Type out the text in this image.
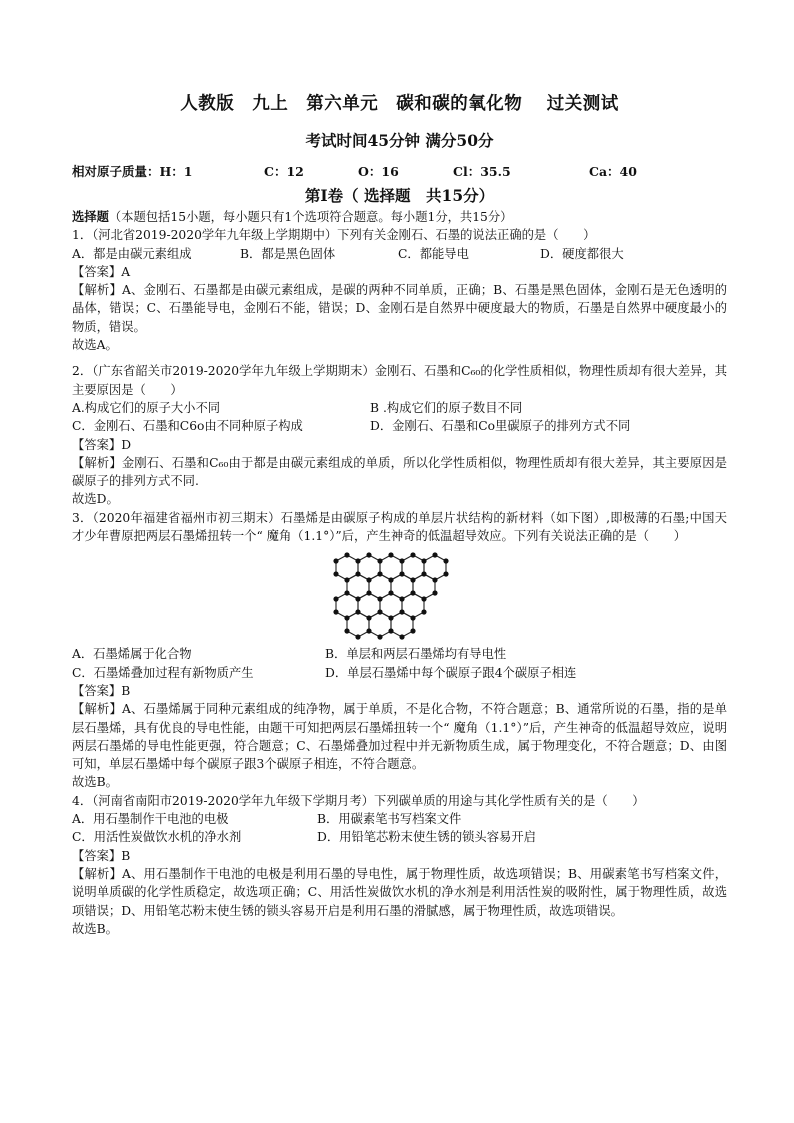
人教版　九上　第六单元　碳和碳的氧化物　 过关测试
考试时间45分钟 满分50分
相对原子质量：H：1	C：12	O：16	Cl：35.5	Ca：40
第Ⅰ卷（ 选择题　共15分）
选择题（本题包括15小题，每小题只有1个选项符合题意。每小题1分，共15分）
1．（河北省2019-2020学年九年级上学期期中）下列有关金刚石、石墨的说法正确的是（　　）
A．都是由碳元素组成	B．都是黑色固体	C．都能导电	D．硬度都很大
【答案】A
【解析】A、金刚石、石墨都是由碳元素组成，是碳的两种不同单质，正确；B、石墨是黑色固体，金刚石是无色透明的晶体，错误；C、石墨能导电，金刚石不能，错误；D、金刚石是自然界中硬度最大的物质，石墨是自然界中硬度最小的物质，错误。
故选A。
2．（广东省韶关市2019-2020学年九年级上学期期末）金刚石、石墨和C₆₀的化学性质相似，物理性质却有很大差异，其主要原因是（　　）
A.构成它们的原子大小不同	B .构成它们的原子数目不同
C．金刚石、石墨和C6o由不同种原子构成	D．金刚石、石墨和Co里碳原子的排列方式不同
【答案】D
【解析】金刚石、石墨和C₆₀由于都是由碳元素组成的单质，所以化学性质相似，物理性质却有很大差异，其主要原因是碳原子的排列方式不同.
故选D。
3．（2020年福建省福州市初三期末）石墨烯是由碳原子构成的单层片状结构的新材料（如下图）,即极薄的石墨;中国天才少年曹原把两层石墨烯扭转一个“ 魔角（1.1°）”后，产生神奇的低温超导效应。下列有关说法正确的是（　　）
A．石墨烯属于化合物	B．单层和两层石墨烯均有导电性
C．石墨烯叠加过程有新物质产生	D．单层石墨烯中每个碳原子跟4个碳原子相连
【答案】B
【解析】A、石墨烯属于同种元素组成的纯净物，属于单质，不是化合物，不符合题意；B、通常所说的石墨，指的是单层石墨烯，具有优良的导电性能，由题干可知把两层石墨烯扭转一个“ 魔角（1.1°）”后，产生神奇的低温超导效应，说明两层石墨烯的导电性能更强，符合题意；C、石墨烯叠加过程中并无新物质生成，属于物理变化，不符合题意；D、由图可知，单层石墨烯中每个碳原子跟3个碳原子相连，不符合题意。
故选B。
4．（河南省南阳市2019-2020学年九年级下学期月考）下列碳单质的用途与其化学性质有关的是（　　）
A．用石墨制作干电池的电极	B．用碳素笔书写档案文件
C．用活性炭做饮水机的净水剂	D．用铅笔芯粉末使生锈的锁头容易开启
【答案】B
【解析】A、用石墨制作干电池的电极是利用石墨的导电性，属于物理性质，故选项错误；B、用碳素笔书写档案文件，说明单质碳的化学性质稳定，故选项正确；C、用活性炭做饮水机的净水剂是利用活性炭的吸附性，属于物理性质，故选项错误；D、用铅笔芯粉末使生锈的锁头容易开启是利用石墨的滑腻感，属于物理性质，故选项错误。
故选B。
